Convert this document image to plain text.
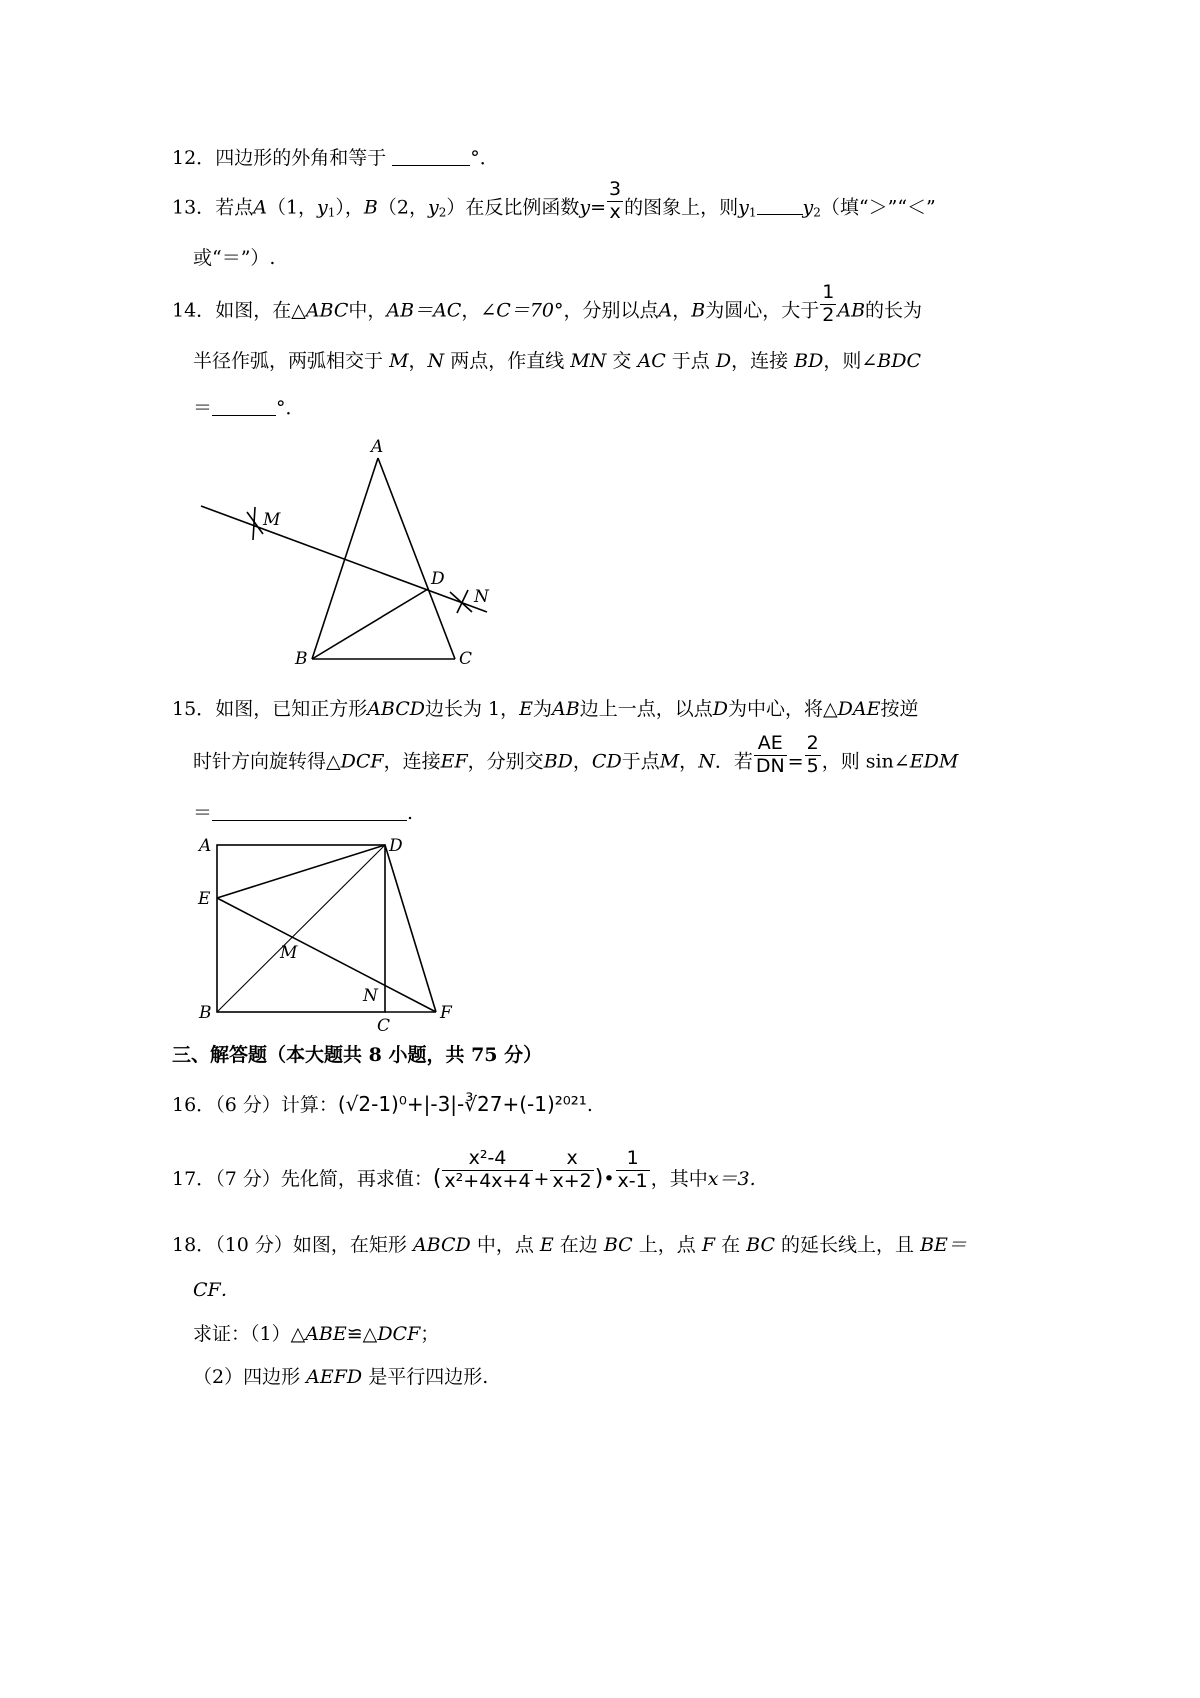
12．四边形的外角和等于	°．
13．若点A（1，$y_1$），B（2，$y_2$）在反比例函数$y= \frac{3}{x}$ 的图象上，则$y_1$ $y_2$（填“＞”“＜”
或“＝”）.
14．如图，在△ABC中，AB＝AC，∠C＝70°，分别以点A，B为圆心，大于 $\frac{1}{2}$ AB的长为
半径作弧，两弧相交于 M，N 两点，作直线 MN 交 AC 于点 D，连接 BD，则∠BDC
＝	°．
A
B	C
D
M
N
15．如图，已知正方形ABCD边长为 1，E为AB边上一点，以点D为中心，将△DAE按逆
时针方向旋转得△DCF，连接EF，分别交BD，CD于点M，N．若 $\frac{AE}{DN} = \frac{2}{5}$ ，则 sin∠EDM
＝	.
A	D
E
M
N
B
C
F
三、解答题（本大题共 8 小题，共 75 分）
16．（6 分）计算：(√2-1)⁰+|-3|-∛27+(-1)²⁰²¹.
17．（7 分）先化简，再求值：( $\frac{\text{x²-4}}{\text{x²+4x+4}} + \frac{x}{x+2}$ )• $\frac{1}{x-1}$ ，其中x＝3.
18．（10 分）如图，在矩形 ABCD 中，点 E 在边 BC 上，点 F 在 BC 的延长线上，且 BE＝
CF．
求证：（1）△ABE≌△DCF；
（2）四边形 AEFD 是平行四边形.
